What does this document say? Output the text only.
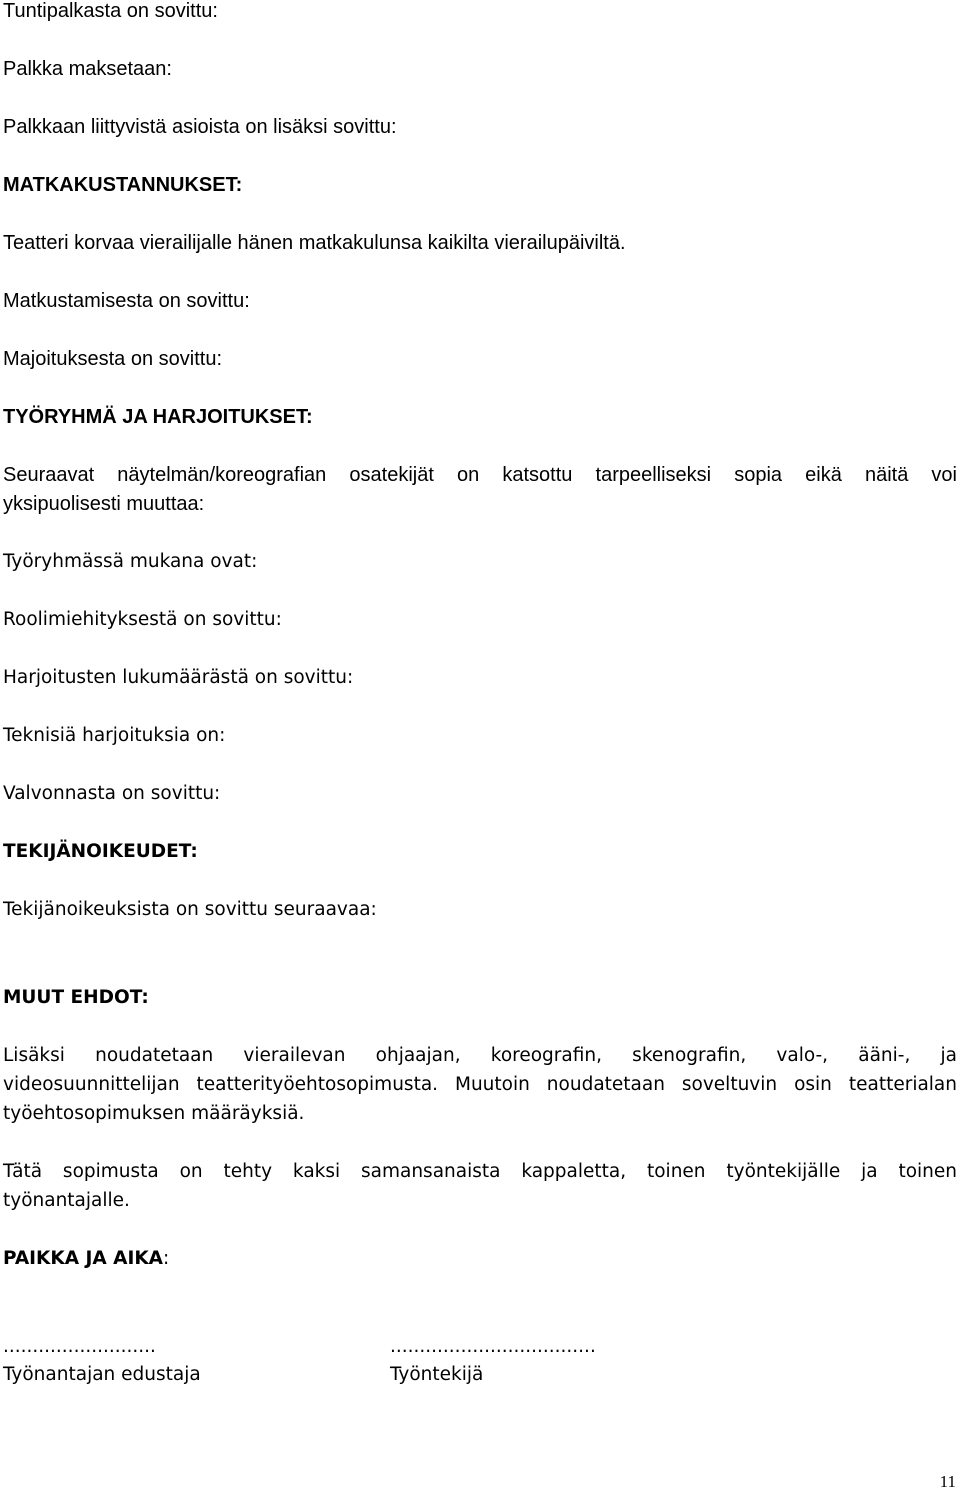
Tuntipalkasta on sovittu:
Palkka maksetaan:
Palkkaan liittyvistä asioista on lisäksi sovittu:
MATKAKUSTANNUKSET:
Teatteri korvaa vierailijalle hänen matkakulunsa kaikilta vierailupäiviltä.
Matkustamisesta on sovittu:
Majoituksesta on sovittu:
TYÖRYHMÄ JA HARJOITUKSET:
Seuraavat näytelmän/koreografian osatekijät on katsottu tarpeelliseksi sopia eikä näitä voi
yksipuolisesti muuttaa:
Työryhmässä mukana ovat:
Roolimiehityksestä on sovittu:
Harjoitusten lukumäärästä on sovittu:
Teknisiä harjoituksia on:
Valvonnasta on sovittu:
TEKIJÄNOIKEUDET:
Tekijänoikeuksista on sovittu seuraavaa:
MUUT EHDOT:
Lisäksi noudatetaan vierailevan ohjaajan, koreografin, skenografin, valo-, ääni-, ja
videosuunnittelijan teatterityöehtosopimusta. Muutoin noudatetaan soveltuvin osin teatterialan
työehtosopimuksen määräyksiä.
Tätä sopimusta on tehty kaksi samansanaista kappaletta, toinen työntekijälle ja toinen
työnantajalle.
PAIKKA JA AIKA:
..........................
Työnantajan edustaja
...................................
Työntekijä
11
